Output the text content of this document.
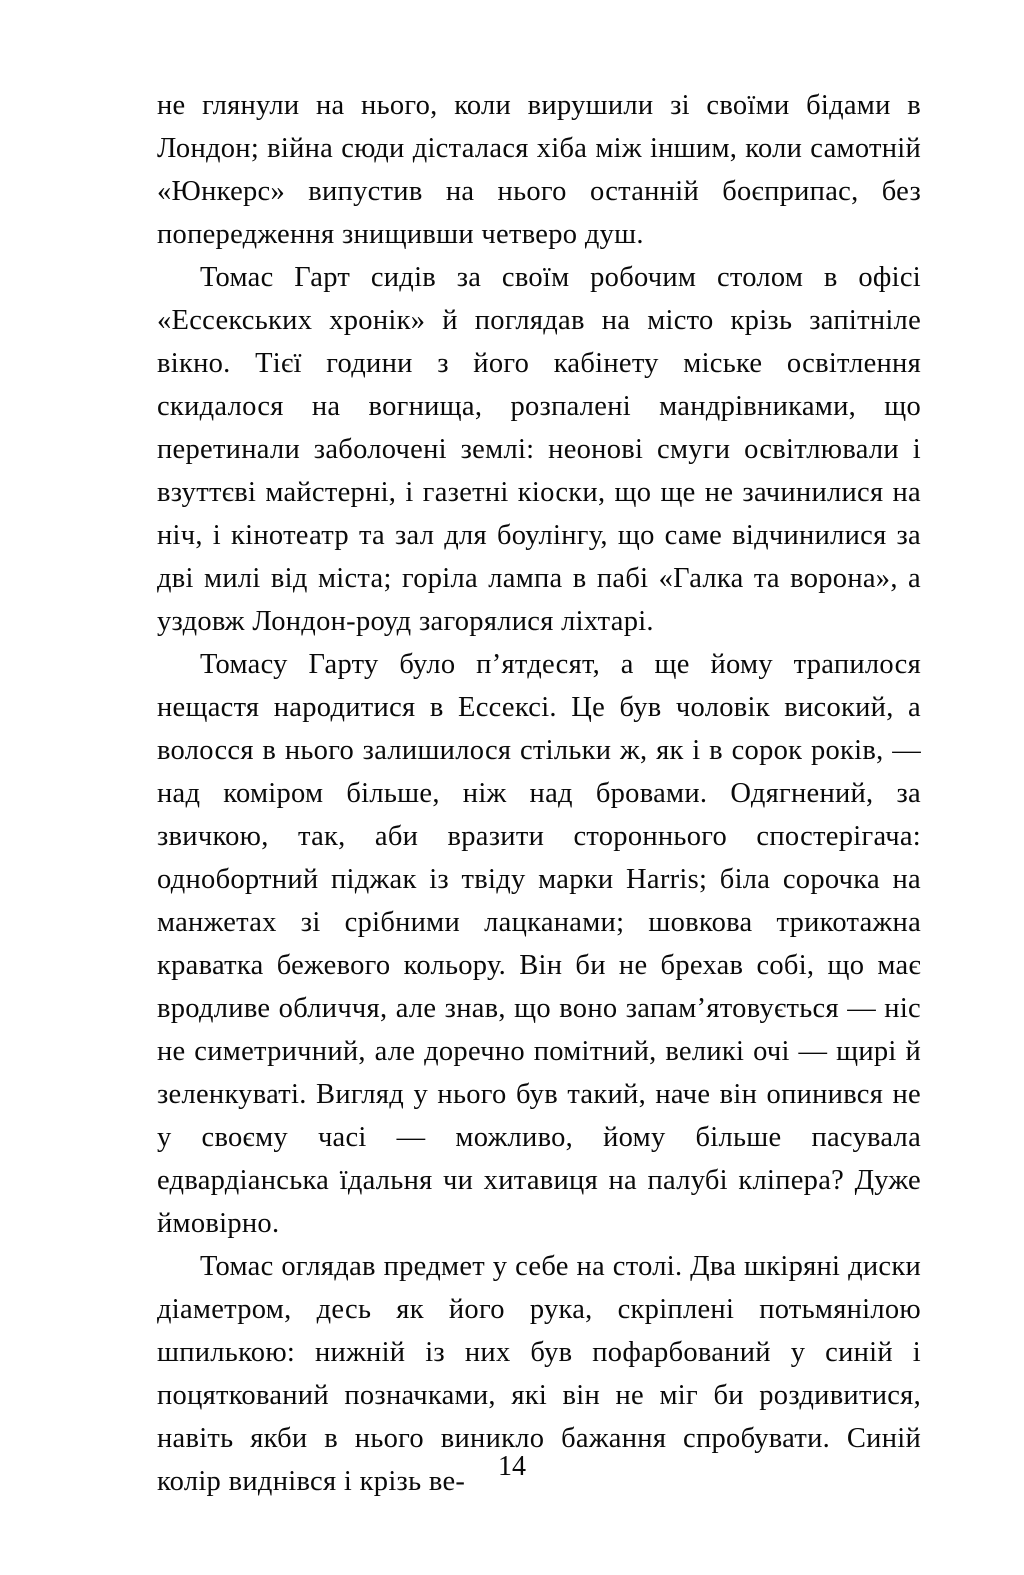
не глянули на нього, коли вирушили зі своїми бідами в Лондон; війна сюди дісталася хіба між іншим, коли самотній «Юнкерс» випустив на нього останній боєприпас, без попередження знищивши четверо душ.

Томас Гарт сидів за своїм робочим столом в офісі «Ессекських хронік» й поглядав на місто крізь запітніле вікно. Тієї години з його кабінету міське освітлення скидалося на вогнища, розпалені мандрівниками, що перетинали заболочені землі: неонові смуги освітлювали і взуттєві майстерні, і газетні кіоски, що ще не зачинилися на ніч, і кінотеатр та зал для боулінгу, що саме відчинилися за дві милі від міста; горіла лампа в пабі «Галка та ворона», а уздовж Лондон-роуд загорялися ліхтарі.

Томасу Гарту було п’ятдесят, а ще йому трапилося нещастя народитися в Ессексі. Це був чоловік високий, а волосся в нього залишилося стільки ж, як і в сорок років, — над коміром більше, ніж над бровами. Одягнений, за звичкою, так, аби вразити стороннього спостерігача: однобортний піджак із твіду марки Harris; біла сорочка на манжетах зі срібними лацканами; шовкова трикотажна краватка бежевого кольору. Він би не брехав собі, що має вродливе обличчя, але знав, що воно запам’ятовується — ніс не симетричний, але доречно помітний, великі очі — щирі й зеленкуваті. Вигляд у нього був такий, наче він опинився не у своєму часі — можливо, йому більше пасувала едвардіанська їдальня чи хитавиця на палубі кліпера? Дуже ймовірно.

Томас оглядав предмет у себе на столі. Два шкіряні диски діаметром, десь як його рука, скріплені потьмянілою шпилькою: нижній із них був пофарбований у синій і поцяткований позначками, які він не міг би роздивитися, навіть якби в нього виникло бажання спробувати. Синій колір виднівся і крізь ве-	14
